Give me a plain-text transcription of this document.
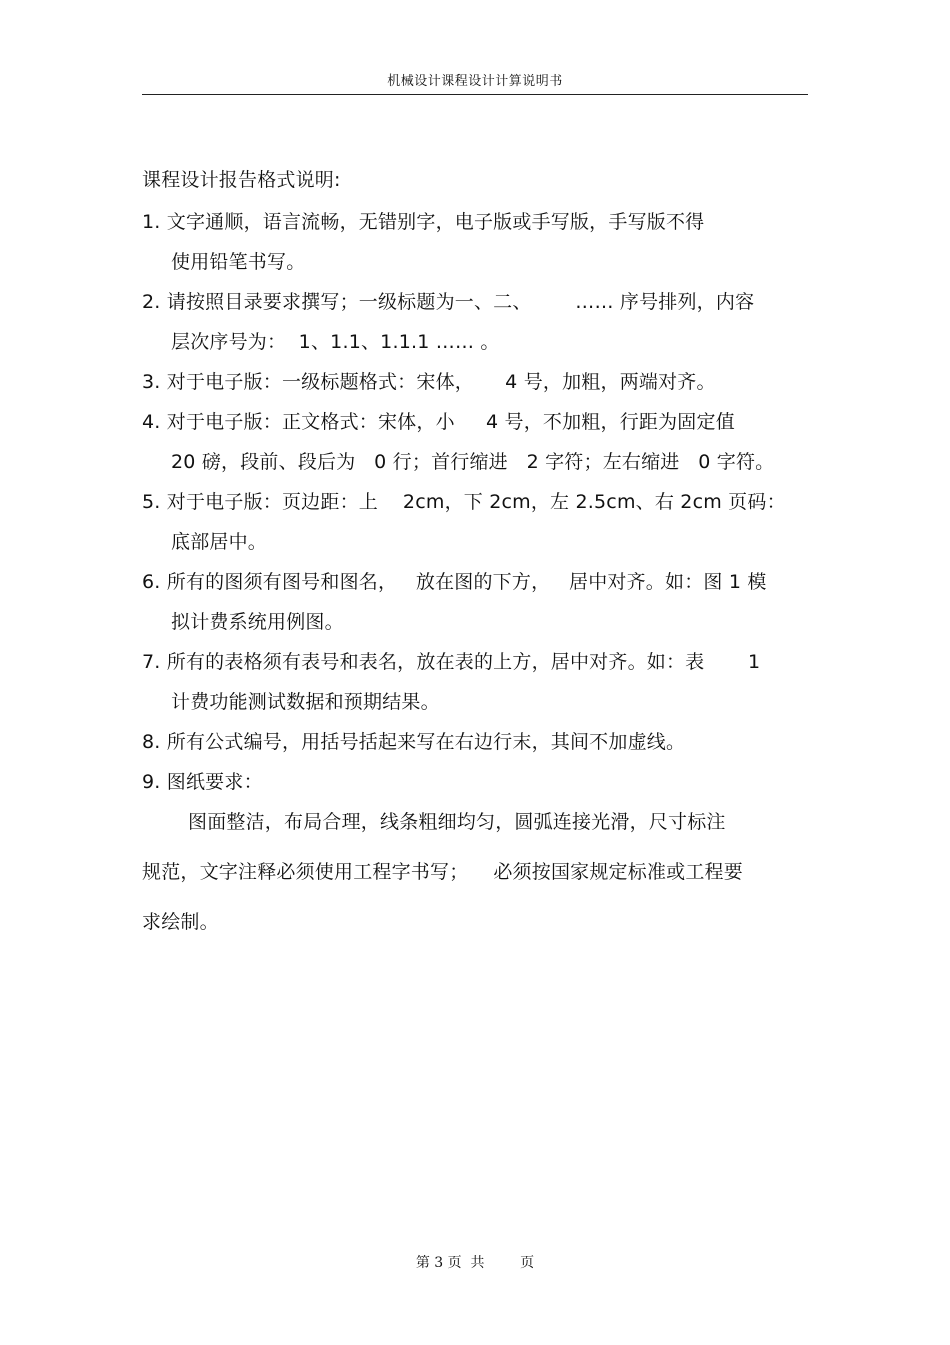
机械设计课程设计计算说明书
课程设计报告格式说明:
1. 文字通顺，语言流畅，无错别字，电子版或手写版，手写版不得
使用铅笔书写。
2. 请按照目录要求撰写；一级标题为一、二、       …… 序号排列，内容
层次序号为：  1、1.1、1.1.1 …… 。
3. 对于电子版：一级标题格式：宋体，     4 号，加粗，两端对齐。
4. 对于电子版：正文格式：宋体，小     4 号，不加粗，行距为固定值
20 磅，段前、段后为   0 行；首行缩进   2 字符；左右缩进   0 字符。
5. 对于电子版：页边距：上    2cm，下 2cm，左 2.5cm、右 2cm 页码：
底部居中。
6. 所有的图须有图号和图名，   放在图的下方，   居中对齐。如：图 1 模
拟计费系统用例图。
7. 所有的表格须有表号和表名，放在表的上方，居中对齐。如：表       1
计费功能测试数据和预期结果。
8. 所有公式编号，用括号括起来写在右边行末，其间不加虚线。
9. 图纸要求：
图面整洁，布局合理，线条粗细均匀，圆弧连接光滑，尺寸标注
规范，文字注释必须使用工程字书写；    必须按国家规定标准或工程要
求绘制。
第 3 页  共        页
